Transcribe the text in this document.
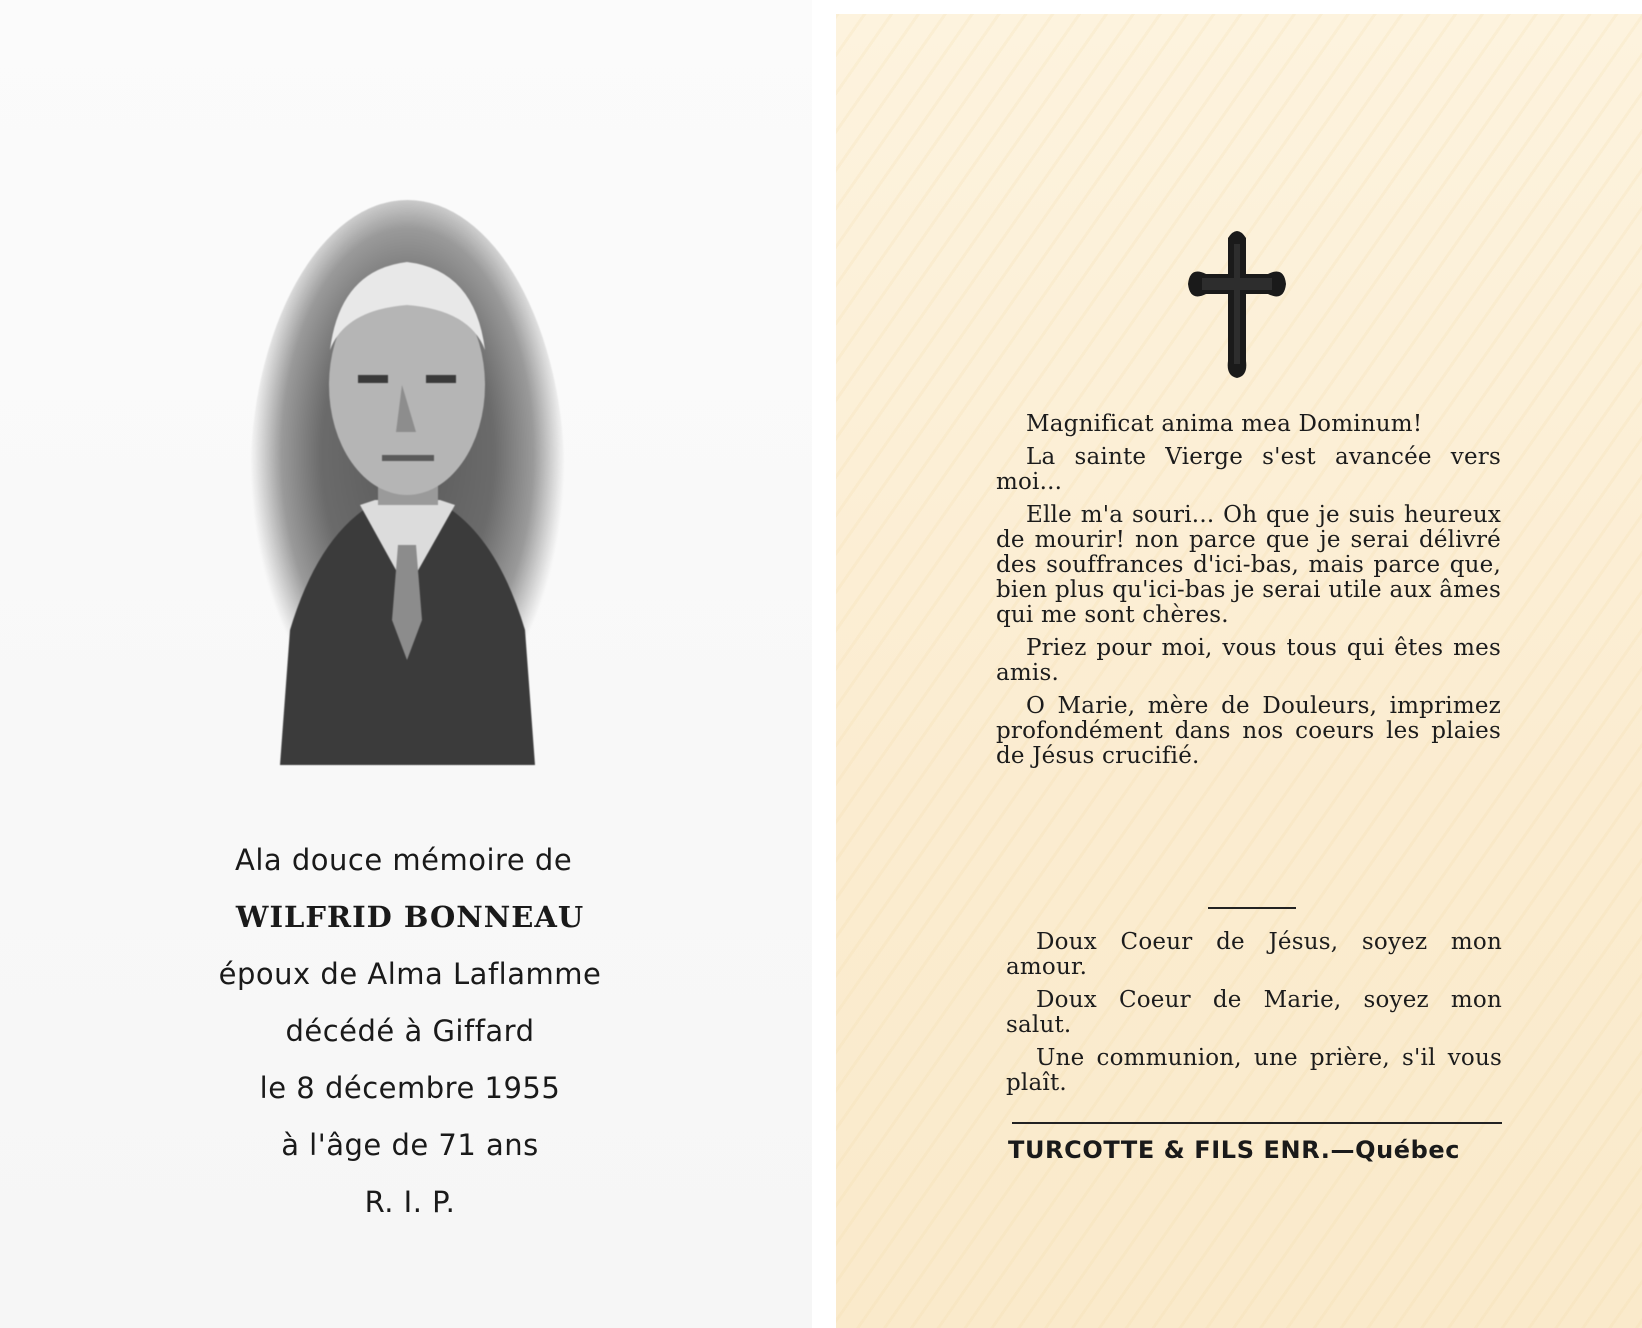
Ala douce mémoire de
WILFRID BONNEAU
époux de Alma Laflamme
décédé à Giffard
le 8 décembre 1955
à l'âge de 71 ans
R. I. P.

Magnificat anima mea Dominum!

La sainte Vierge s'est avancée vers moi...

Elle m'a souri... Oh que je suis heureux de mourir! non parce que je serai délivré des souffrances d'ici-bas, mais parce que, bien plus qu'ici-bas je serai utile aux âmes qui me sont chères.

Priez pour moi, vous tous qui êtes mes amis.

O Marie, mère de Douleurs, imprimez profondément dans nos coeurs les plaies de Jésus crucifié.

Doux Coeur de Jésus, soyez mon amour.

Doux Coeur de Marie, soyez mon salut.

Une communion, une prière, s'il vous plaît.

TURCOTTE & FILS ENR.—Québec
